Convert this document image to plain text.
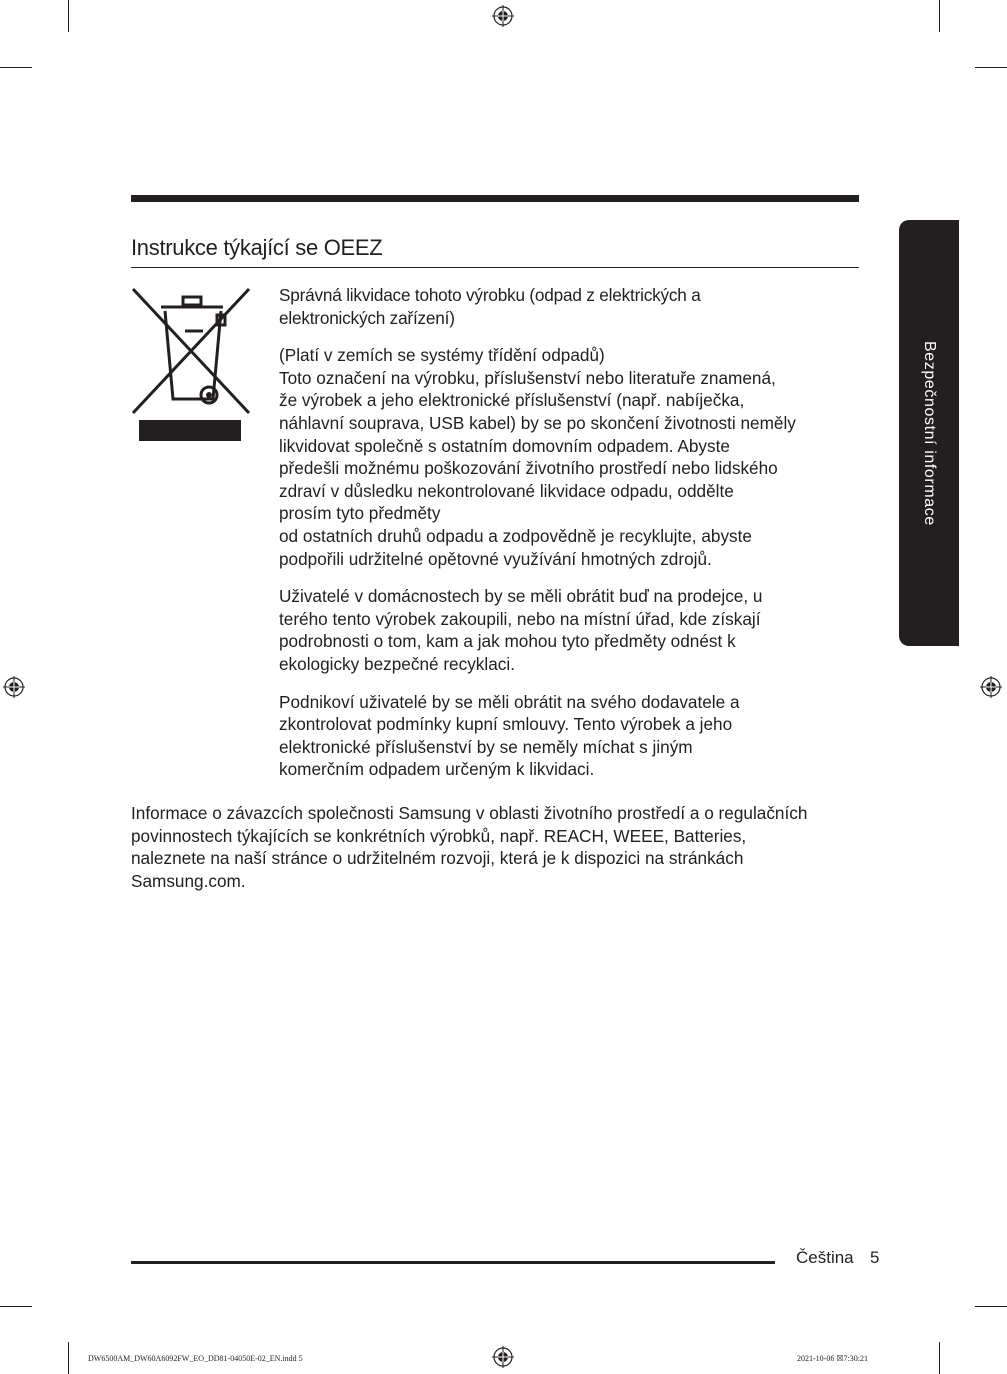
Instrukce týkající se OEEZ

Správná likvidace tohoto výrobku (odpad z elektrických a
elektronických zařízení)

(Platí v zemích se systémy třídění odpadů)
Toto označení na výrobku, příslušenství nebo literatuře znamená,
že výrobek a jeho elektronické příslušenství (např. nabíječka,
náhlavní souprava, USB kabel) by se po skončení životnosti neměly
likvidovat společně s ostatním domovním odpadem. Abyste
předešli možnému poškozování životního prostředí nebo lidského
zdraví v důsledku nekontrolované likvidace odpadu, oddělte
prosím tyto předměty
od ostatních druhů odpadu a zodpovědně je recyklujte, abyste
podpořili udržitelné opětovné využívání hmotných zdrojů.

Uživatelé v domácnostech by se měli obrátit buď na prodejce, u
terého tento výrobek zakoupili, nebo na místní úřad, kde získají
podrobnosti o tom, kam a jak mohou tyto předměty odnést k
ekologicky bezpečné recyklaci.

Podnikoví uživatelé by se měli obrátit na svého dodavatele a
zkontrolovat podmínky kupní smlouvy. Tento výrobek a jeho
elektronické příslušenství by se neměly míchat s jiným
komerčním odpadem určeným k likvidaci.

Informace o závazcích společnosti Samsung v oblasti životního prostředí a o regulačních
povinnostech týkajících se konkrétních výrobků, např. REACH, WEEE, Batteries,
naleznete na naší stránce o udržitelném rozvoji, která je k dispozici na stránkách
Samsung.com.

Bezpečnostní informace
Čeština 5
DW6500AM_DW60A6092FW_EO_DD81-04050E-02_EN.indd 5	2021-10-06 ☒7:30:21
